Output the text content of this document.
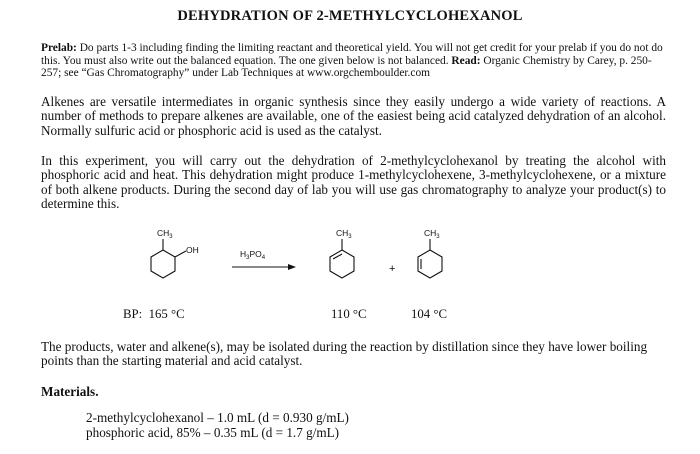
DEHYDRATION OF 2-METHYLCYCLOHEXANOL
Prelab: Do parts 1-3 including finding the limiting reactant and theoretical yield. You will not get credit for your prelab if you do not do this. You must also write out the balanced equation. The one given below is not balanced. Read: Organic Chemistry by Carey, p. 250-257; see “Gas Chromatography” under Lab Techniques at www.orgchemboulder.com
Alkenes are versatile intermediates in organic synthesis since they easily undergo a wide variety of reactions. A number of methods to prepare alkenes are available, one of the easiest being acid catalyzed dehydration of an alcohol. Normally sulfuric acid or phosphoric acid is used as the catalyst.
In this experiment, you will carry out the dehydration of 2-methylcyclohexanol by treating the alcohol with phosphoric acid and heat. This dehydration might produce 1-methylcyclohexene, 3-methylcyclohexene, or a mixture of both alkene products. During the second day of lab you will use gas chromatography to analyze your product(s) to determine this.
$CH_3$
OH	$H_3PO_4$
$CH_3$
+
$CH_3$
BP: 165 °C	110 °C	104 °C
The products, water and alkene(s), may be isolated during the reaction by distillation since they have lower boiling points than the starting material and acid catalyst.
Materials.
2-methylcyclohexanol – 1.0 mL (d = 0.930 g/mL)
phosphoric acid, 85% – 0.35 mL (d = 1.7 g/mL)
